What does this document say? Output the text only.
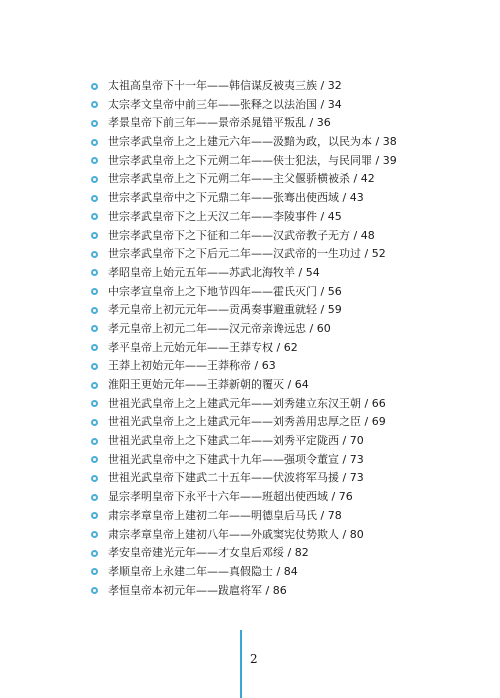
太祖高皇帝下十一年——韩信谋反被夷三族 / 32
太宗孝文皇帝中前三年——张释之以法治国 / 34
孝景皇帝下前三年——景帝杀晁错平叛乱 / 36
世宗孝武皇帝上之上建元六年——汲黯为政，以民为本 / 38
世宗孝武皇帝上之下元朔二年——侠士犯法，与民同罪 / 39
世宗孝武皇帝上之下元朔二年——主父偃骄横被杀 / 42
世宗孝武皇帝中之下元鼎二年——张骞出使西域 / 43
世宗孝武皇帝下之上天汉二年——李陵事件 / 45
世宗孝武皇帝下之下征和二年——汉武帝教子无方 / 48
世宗孝武皇帝下之下后元二年——汉武帝的一生功过 / 52
孝昭皇帝上始元五年——苏武北海牧羊 / 54
中宗孝宣皇帝上之下地节四年——霍氏灭门 / 56
孝元皇帝上初元元年——贡禹奏事避重就轻 / 59
孝元皇帝上初元二年——汉元帝亲谗远忠 / 60
孝平皇帝上元始元年——王莽专权 / 62
王莽上初始元年——王莽称帝 / 63
淮阳王更始元年——王莽新朝的覆灭 / 64
世祖光武皇帝上之上建武元年——刘秀建立东汉王朝 / 66
世祖光武皇帝上之上建武元年——刘秀善用忠厚之臣 / 69
世祖光武皇帝上之下建武二年——刘秀平定陇西 / 70
世祖光武皇帝中之下建武十九年——强项令董宣 / 73
世祖光武皇帝下建武二十五年——伏波将军马援 / 73
显宗孝明皇帝下永平十六年——班超出使西域 / 76
肃宗孝章皇帝上建初二年——明德皇后马氏 / 78
肃宗孝章皇帝上建初八年——外戚窦宪仗势欺人 / 80
孝安皇帝建光元年——才女皇后邓绥 / 82
孝顺皇帝上永建二年——真假隐士 / 84
孝恒皇帝本初元年——跋扈将军 / 86
2
